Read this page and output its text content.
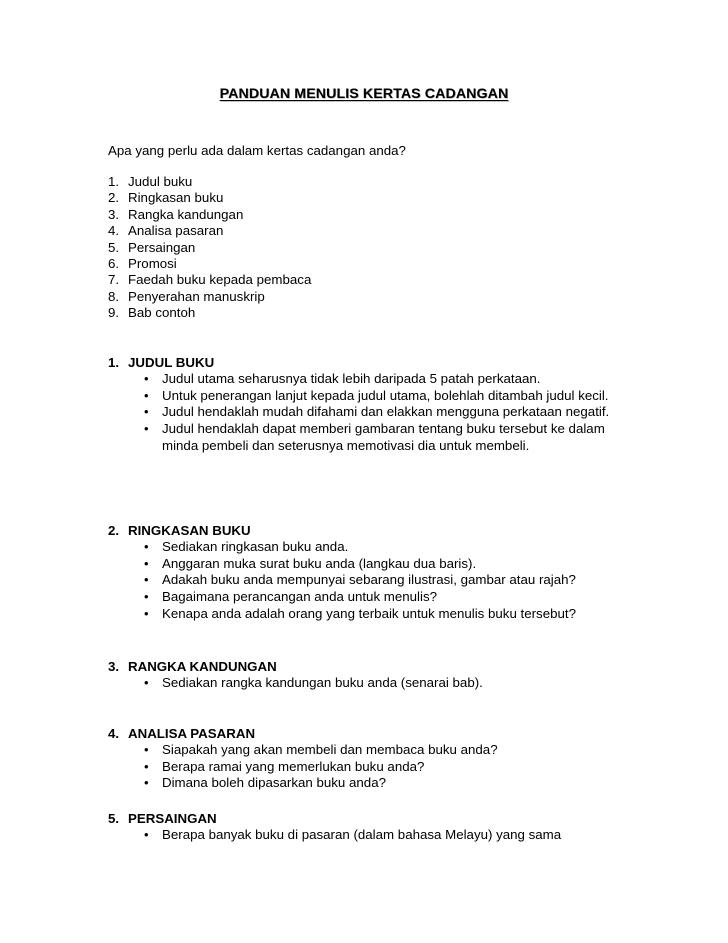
PANDUAN MENULIS KERTAS CADANGAN
Apa yang perlu ada dalam kertas cadangan anda?
1. Judul buku
2. Ringkasan buku
3. Rangka kandungan
4. Analisa pasaran
5. Persaingan
6. Promosi
7. Faedah buku kepada pembaca
8. Penyerahan manuskrip
9. Bab contoh
1. JUDUL BUKU
• Judul utama seharusnya tidak lebih daripada 5 patah perkataan.
• Untuk penerangan lanjut kepada judul utama, bolehlah ditambah judul kecil.
• Judul hendaklah mudah difahami dan elakkan mengguna perkataan negatif.
• Judul hendaklah dapat memberi gambaran tentang buku tersebut ke dalam minda pembeli dan seterusnya memotivasi dia untuk membeli.
2. RINGKASAN BUKU
• Sediakan ringkasan buku anda.
• Anggaran muka surat buku anda (langkau dua baris).
• Adakah buku anda mempunyai sebarang ilustrasi, gambar atau rajah?
• Bagaimana perancangan anda untuk menulis?
• Kenapa anda adalah orang yang terbaik untuk menulis buku tersebut?
3. RANGKA KANDUNGAN
• Sediakan rangka kandungan buku anda (senarai bab).
4. ANALISA PASARAN
• Siapakah yang akan membeli dan membaca buku anda?
• Berapa ramai yang memerlukan buku anda?
• Dimana boleh dipasarkan buku anda?
5. PERSAINGAN
• Berapa banyak buku di pasaran (dalam bahasa Melayu) yang sama
